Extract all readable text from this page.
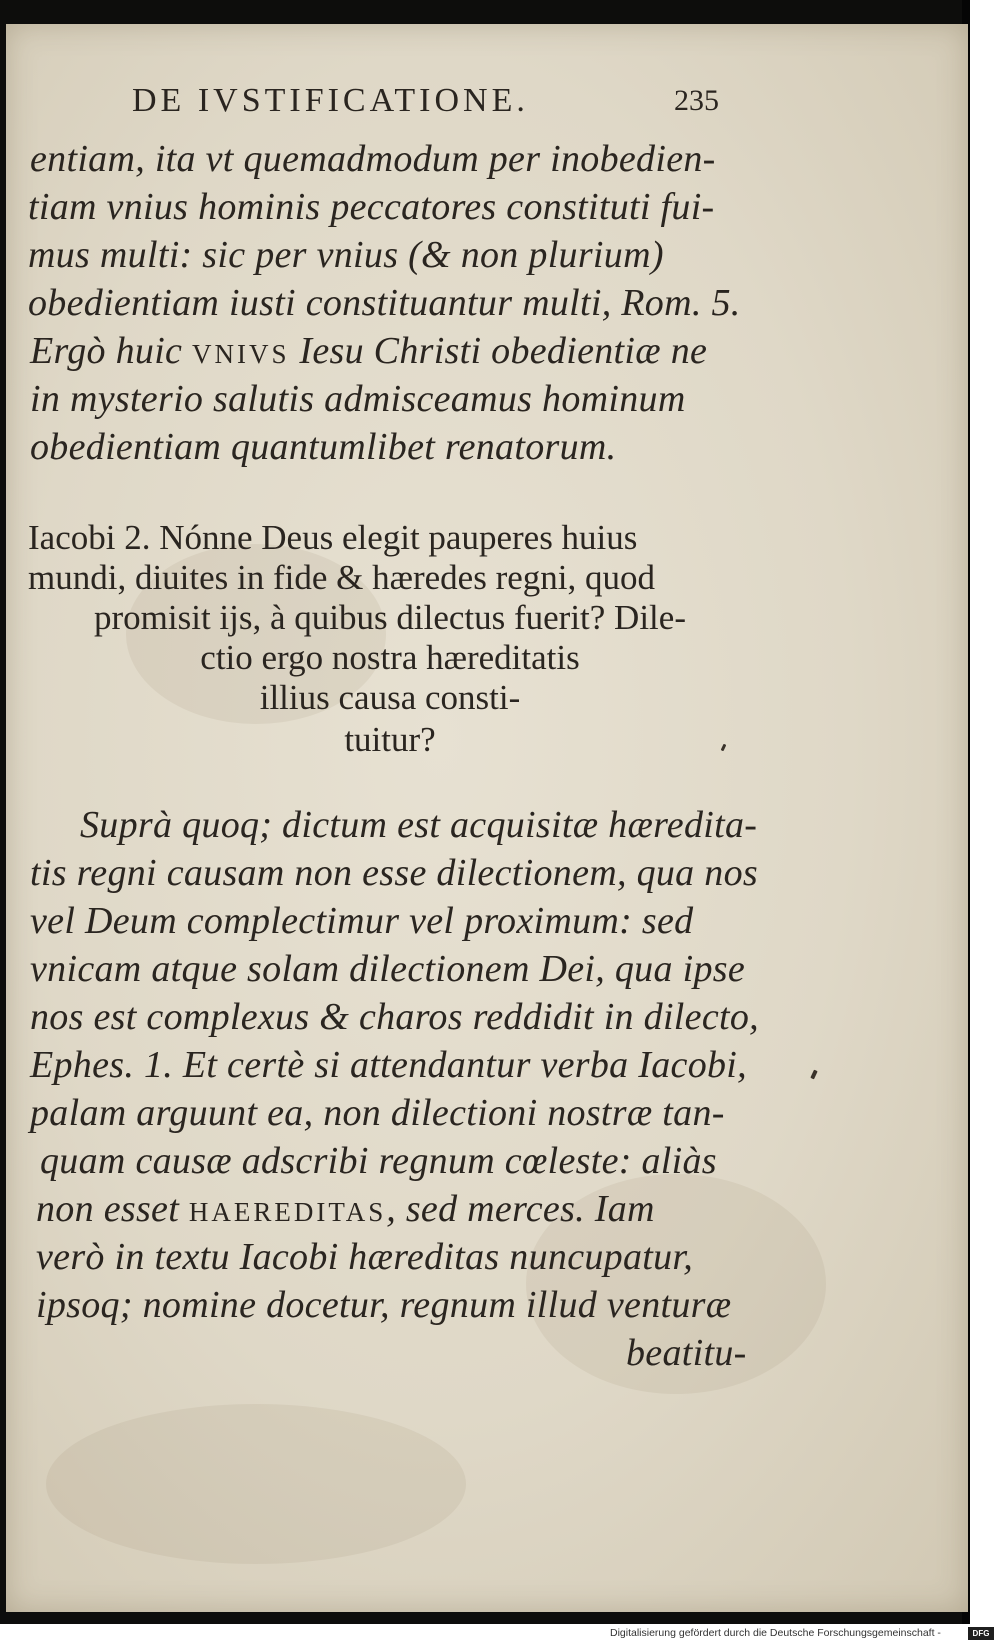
DE IVSTIFICATIONE.	235
entiam, ita vt quemadmodum per inobedien-
tiam vnius hominis peccatores constituti fui-
mus multi: sic per vnius (& non plurium)
obedientiam iusti constituantur multi, Rom. 5.
Ergò huic VNIVS Iesu Christi obedientiæ ne
in mysterio salutis admisceamus hominum
obedientiam quantumlibet renatorum.
Iacobi 2. Nónne Deus elegit pauperes huius
mundi, diuites in fide & hæredes regni, quod
promisit ijs, à quibus dilectus fuerit? Dile-
ctio ergo nostra hæreditatis
illius causa consti-
tuitur?
Suprà quoq; dictum est acquisitæ hæredita-
tis regni causam non esse dilectionem, qua nos
vel Deum complectimur vel proximum: sed
vnicam atque solam dilectionem Dei, qua ipse
nos est complexus & charos reddidit in dilecto,
Ephes. 1. Et certè si attendantur verba Iacobi,
palam arguunt ea, non dilectioni nostræ tan-
quam causæ adscribi regnum cœleste: aliàs
non esset HAEREDITAS, sed merces. Iam
verò in textu Iacobi hæreditas nuncupatur,
ipsoq; nomine docetur, regnum illud venturæ
beatitu-
Digitalisierung gefördert durch die Deutsche Forschungsgemeinschaft -	DFG
